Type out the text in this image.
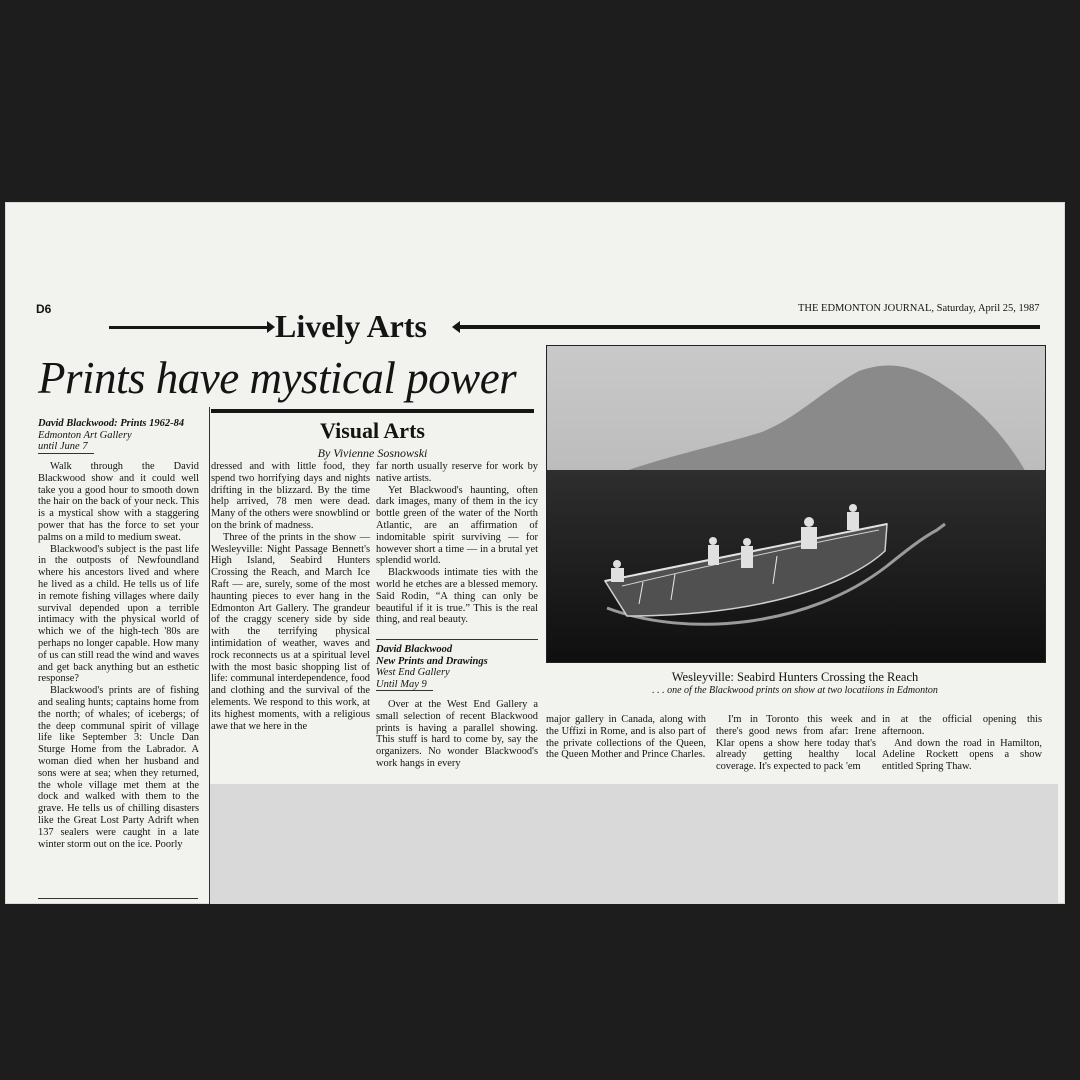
D6	THE EDMONTON JOURNAL, Saturday, April 25, 1987
Lively Arts
Prints have mystical power
Visual Arts
By Vivienne Sosnowski
David Blackwood: Prints 1962-84
Edmonton Art Gallery
until June 7

Walk through the David Blackwood show and it could well take you a good hour to smooth down the hair on the back of your neck. This is a mystical show with a staggering power that has the force to set your palms on a mild to medium sweat.

Blackwood's subject is the past life in the outposts of Newfoundland where his ancestors lived and where he lived as a child. He tells us of life in remote fishing villages where daily survival depended upon a terrible intimacy with the physical world of which we of the high-tech '80s are perhaps no longer capable. How many of us can still read the wind and waves and get back anything but an esthetic response?

Blackwood's prints are of fishing and sealing hunts; captains home from the north; of whales; of icebergs; of the deep communal spirit of village life like September 3: Uncle Dan Sturge Home from the Labrador. A woman died when her husband and sons were at sea; when they returned, the whole village met them at the dock and walked with them to the grave. He tells us of chilling disasters like the Great Lost Party Adrift when 137 sealers were caught in a late winter storm out on the ice. Poorly

dressed and with little food, they spend two horrifying days and nights drifting in the blizzard. By the time help arrived, 78 men were dead. Many of the others were snowblind or on the brink of madness.

Three of the prints in the show — Wesleyville: Night Passage Bennett's High Island, Seabird Hunters Crossing the Reach, and March Ice Raft — are, surely, some of the most haunting pieces to ever hang in the Edmonton Art Gallery. The grandeur of the craggy scenery side by side with the terrifying physical intimidation of weather, waves and rock reconnects us at a spiritual level with the most basic shopping list of life: communal interdependence, food and clothing and the survival of the elements. We respond to this work, at its highest moments, with a religious awe that we here in the

far north usually reserve for work by native artists.

Yet Blackwood's haunting, often dark images, many of them in the icy bottle green of the water of the North Atlantic, are an affirmation of indomitable spirit surviving — for however short a time — in a brutal yet splendid world.

Blackwoods intimate ties with the world he etches are a blessed memory. Said Rodin, “A thing can only be beautiful if it is true.” This is the real thing, and real beauty.

David Blackwood
New Prints and Drawings
West End Gallery
Until May 9

Over at the West End Gallery a small selection of recent Blackwood prints is having a parallel showing. This stuff is hard to come by, say the organizers. No wonder Blackwood's work hangs in every

Wesleyville: Seabird Hunters Crossing the Reach
. . . one of the Blackwood prints on show at two locatiions in Edmonton

major gallery in Canada, along with the Uffizi in Rome, and is also part of the private collections of the Queen, the Queen Mother and Prince Charles.

I'm in Toronto this week and there's good news from afar: Irene Klar opens a show here today that's already getting healthy local coverage. It's expected to pack 'em

in at the official opening this afternoon.

And down the road in Hamilton, Adeline Rockett opens a show entitled Spring Thaw.
